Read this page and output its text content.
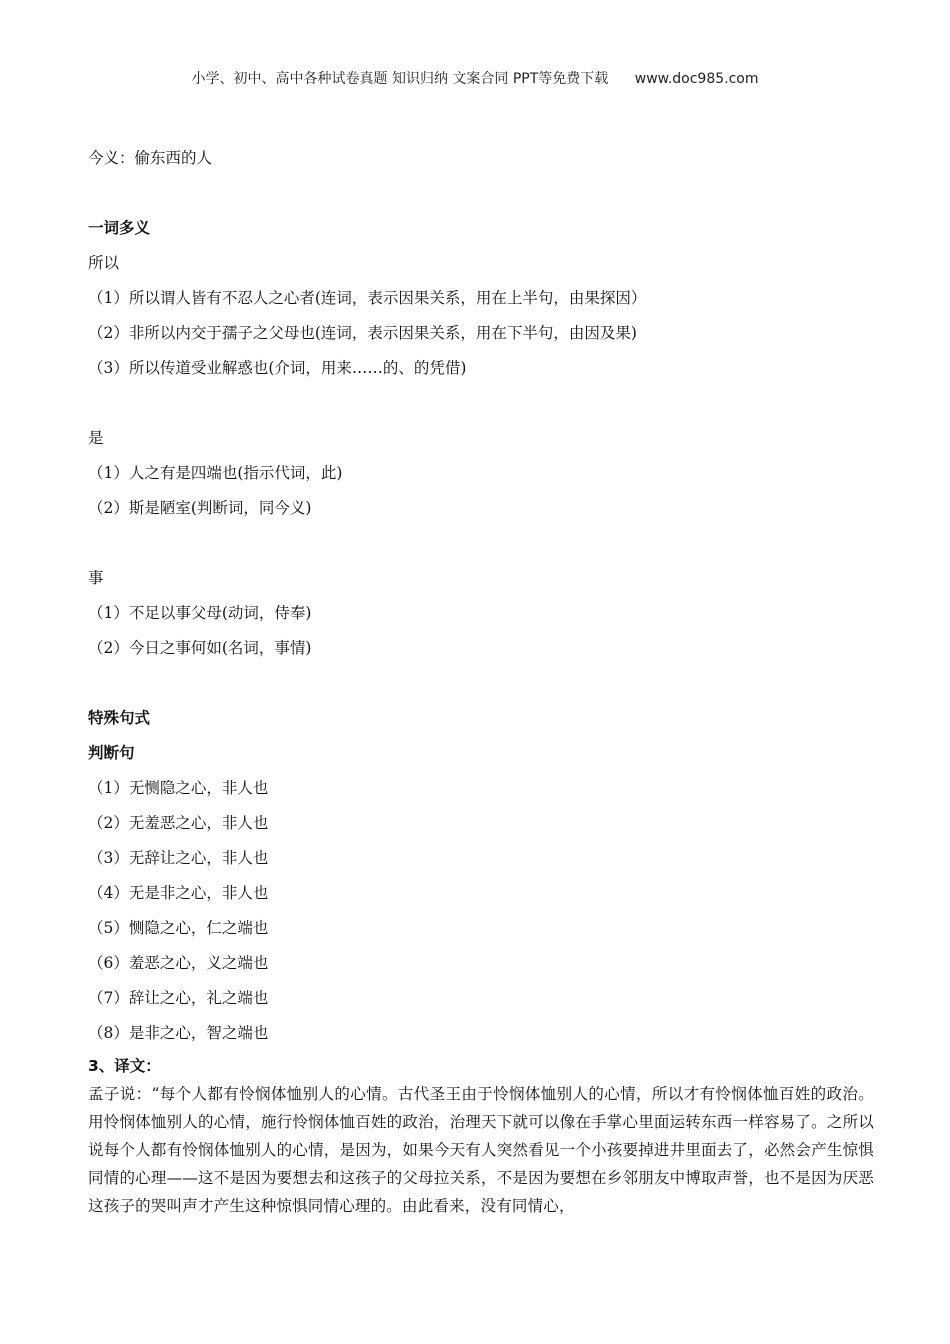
小学、初中、高中各种试卷真题 知识归纳 文案合同 PPT等免费下载 www.doc985.com
今义：偷东西的人
一词多义
所以
（1）所以谓人皆有不忍人之心者(连词，表示因果关系，用在上半句，由果探因）
（2）非所以内交于孺子之父母也(连词，表示因果关系，用在下半句，由因及果)
（3）所以传道受业解惑也(介词，用来……的、的凭借)
是
（1）人之有是四端也(指示代词，此)
（2）斯是陋室(判断词，同今义)
事
（1）不足以事父母(动词，侍奉)
（2）今日之事何如(名词，事情)
特殊句式
判断句
（1）无恻隐之心，非人也
（2）无羞恶之心，非人也
（3）无辞让之心，非人也
（4）无是非之心，非人也
（5）恻隐之心，仁之端也
（6）羞恶之心，义之端也
（7）辞让之心，礼之端也
（8）是非之心，智之端也
3、译文：
孟子说：“每个人都有怜悯体恤别人的心情。古代圣王由于怜悯体恤别人的心情，所以才有怜悯体恤百姓的政治。用怜悯体恤别人的心情，施行怜悯体恤百姓的政治，治理天下就可以像在手掌心里面运转东西一样容易了。之所以说每个人都有怜悯体恤别人的心情，是因为，如果今天有人突然看见一个小孩要掉进井里面去了，必然会产生惊惧同情的心理——这不是因为要想去和这孩子的父母拉关系，不是因为要想在乡邻朋友中博取声誉，也不是因为厌恶这孩子的哭叫声才产生这种惊惧同情心理的。由此看来，没有同情心，
